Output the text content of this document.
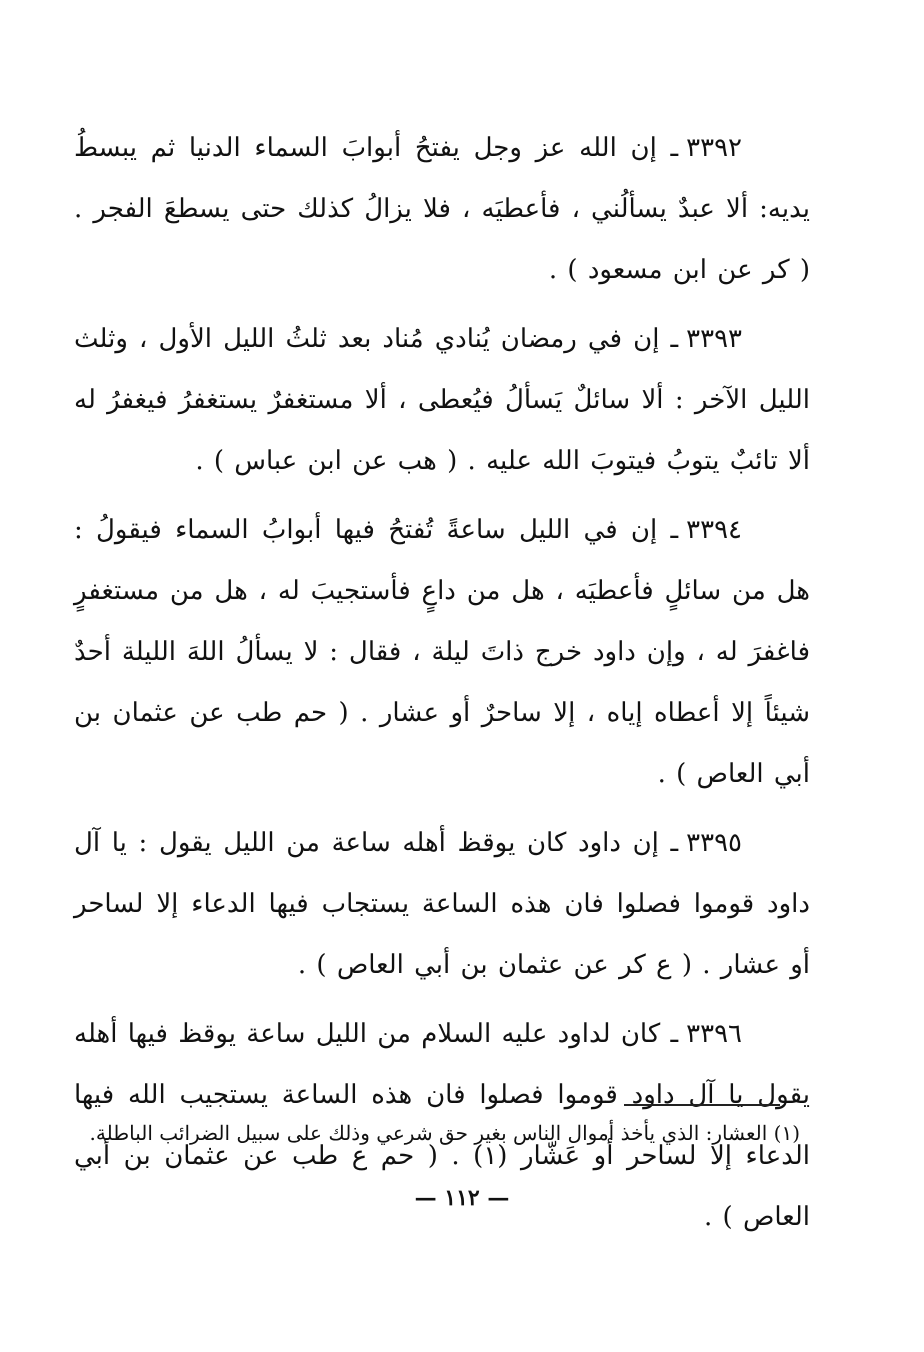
٣٣٩٢ـ إن الله عز وجل يفتحُ أبوابَ السماء الدنيا ثم يبسطُ يديه: ألا عبدٌ يسألُني ، فأعطيَه ، فلا يزالُ كذلك حتى يسطعَ الفجر . ( كر عن ابن مسعود ) .

٣٣٩٣ـ إن في رمضان يُنادي مُناد بعد ثلثُ الليل الأول ، وثلث الليل الآخر : ألا سائلٌ يَسألُ فيُعطى ، ألا مستغفرٌ يستغفرُ فيغفرُ له ألا تائبٌ يتوبُ فيتوبَ الله عليه . ( هب عن ابن عباس ) .

٣٣٩٤ـ إن في الليل ساعةً تُفتحُ فيها أبوابُ السماء فيقولُ : هل من سائلٍ فأعطيَه ، هل من داعٍ فأستجيبَ له ، هل من مستغفرٍ فاغفرَ له ، وإن داود خرج ذاتَ ليلة ، فقال : لا يسألُ اللهَ الليلة أحدٌ شيئاً إلا أعطاه إياه ، إلا ساحرٌ أو عشار . ( حم طب عن عثمان بن أبي العاص ) .

٣٣٩٥ـ إن داود كان يوقظ أهله ساعة من الليل يقول : يا آل داود قوموا فصلوا فان هذه الساعة يستجاب فيها الدعاء إلا لساحر أو عشار . ( ع كر عن عثمان بن أبي العاص ) .

٣٣٩٦ـ كان لداود عليه السلام من الليل ساعة يوقظ فيها أهله يقول يا آل داود قوموا فصلوا فان هذه الساعة يستجيب الله فيها الدعاء إلا لساحر أو عَشّار (١) . ( حم ع طب عن عثمان بن أبي العاص ) .

(١) العشار: الذي يأخذ أموال الناس بغير حق شرعي وذلك على سبيل الضرائب الباطلة.
— ١١٢ —
